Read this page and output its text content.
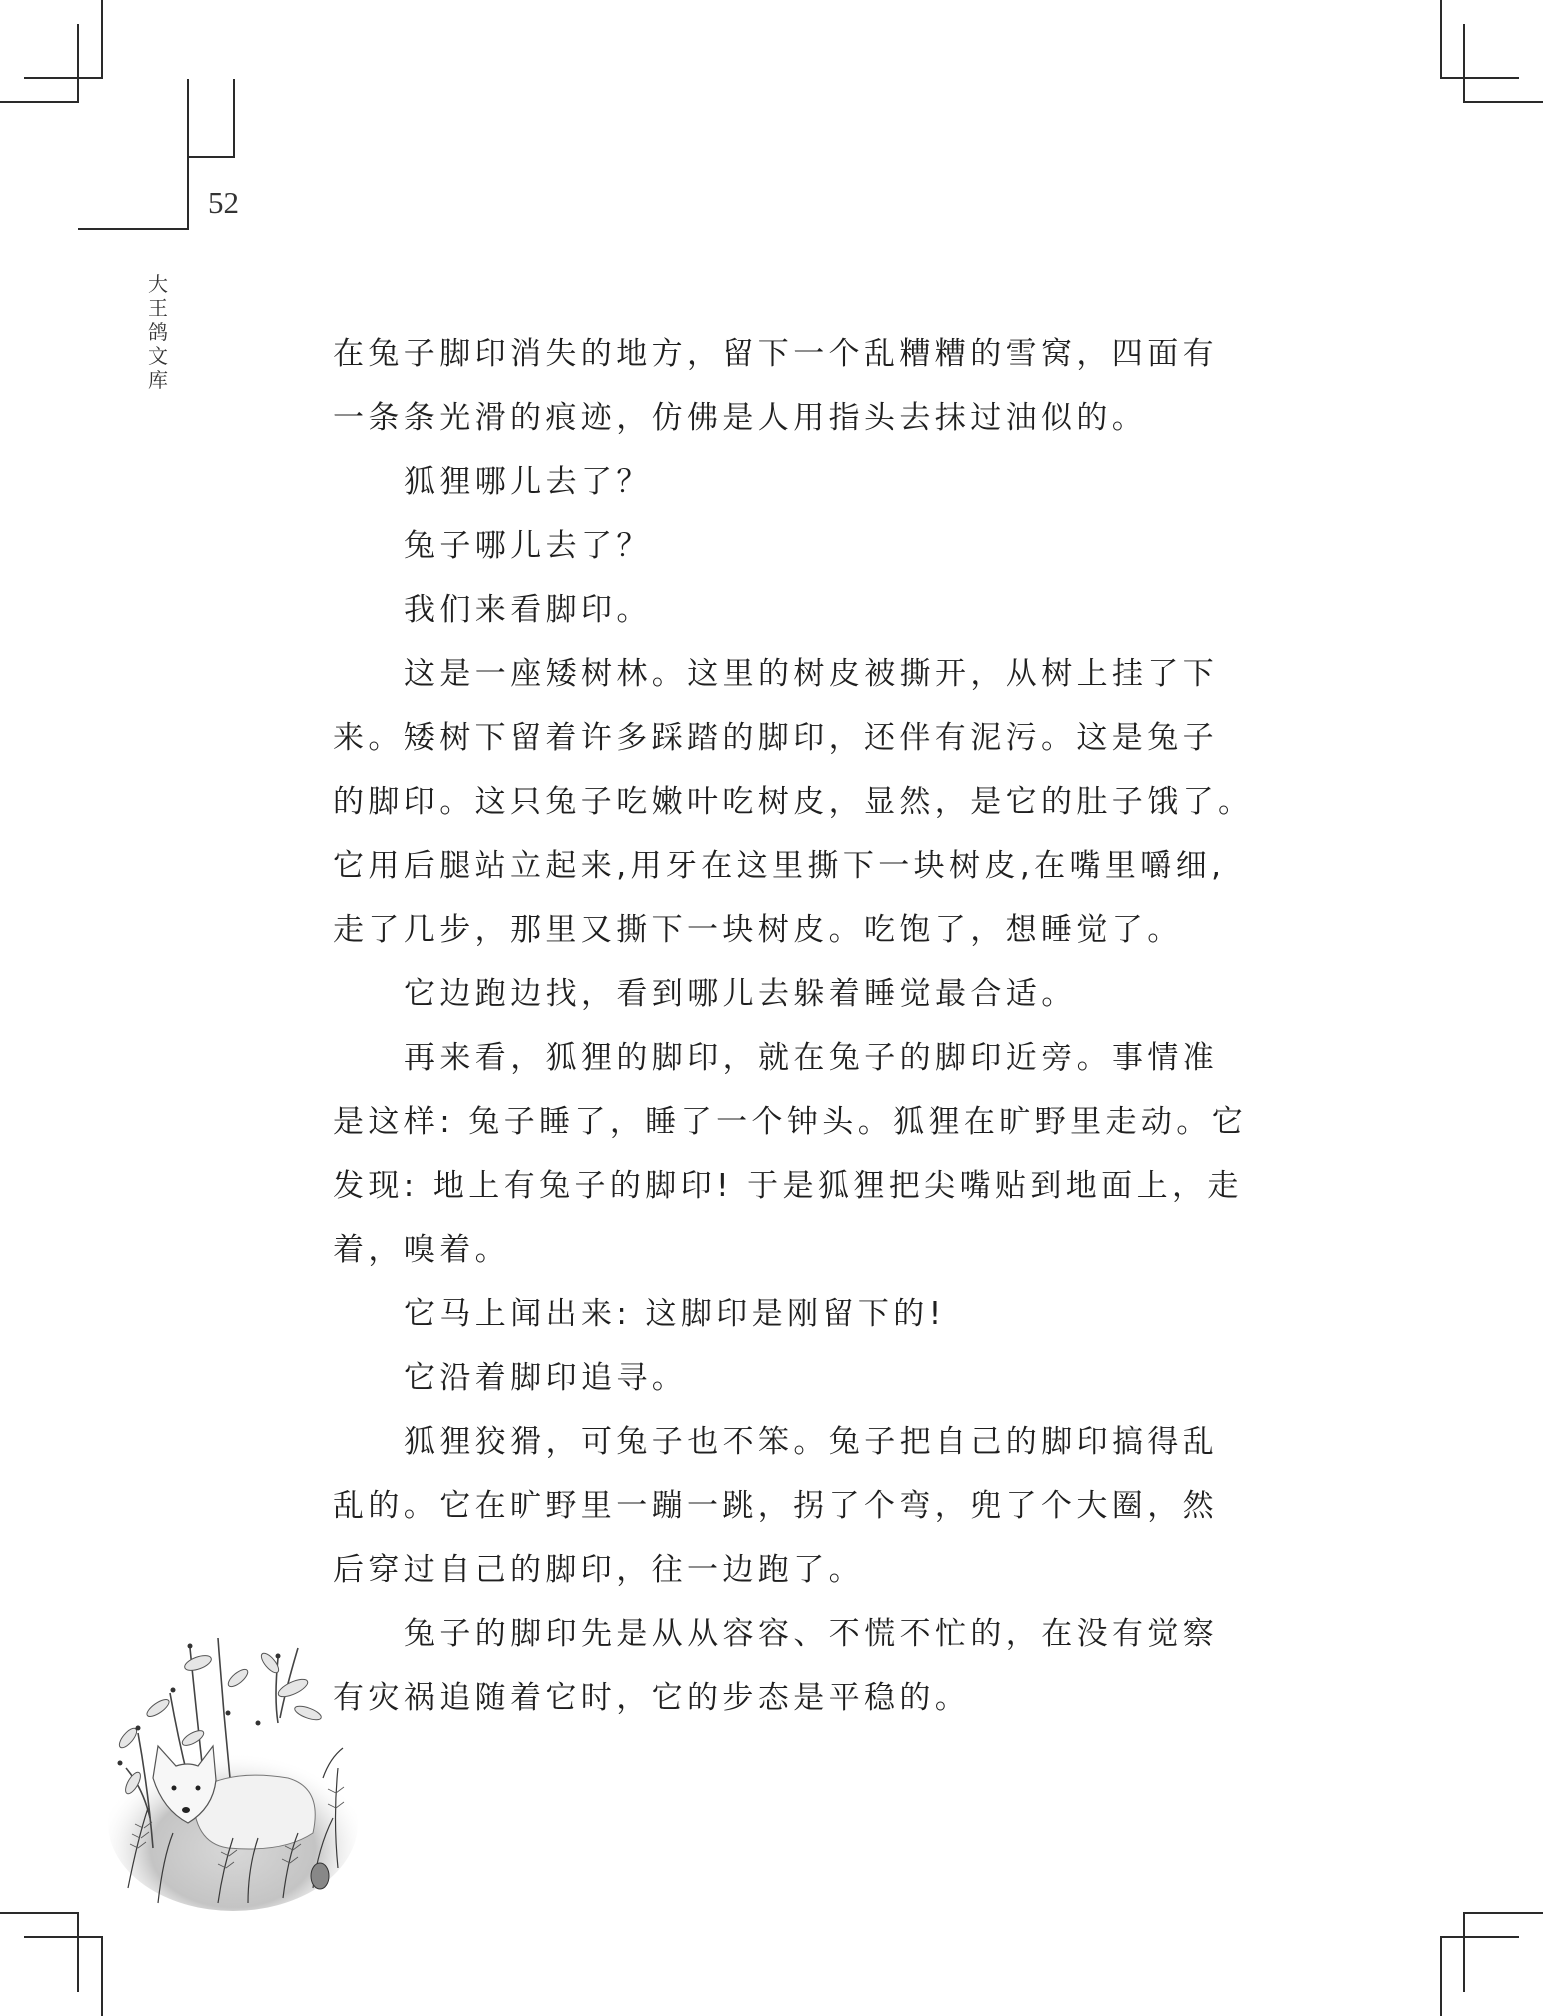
52
大
王
鸽
文
库

在兔子脚印消失的地方，留下一个乱糟糟的雪窝，四面有

一条条光滑的痕迹，仿佛是人用指头去抹过油似的。

狐狸哪儿去了？

兔子哪儿去了？

我们来看脚印。

这是一座矮树林。这里的树皮被撕开，从树上挂了下

来。矮树下留着许多踩踏的脚印，还伴有泥污。这是兔子

的脚印。这只兔子吃嫩叶吃树皮，显然，是它的肚子饿了。

它用后腿站立起来,用牙在这里撕下一块树皮,在嘴里嚼细,

走了几步，那里又撕下一块树皮。吃饱了，想睡觉了。

它边跑边找，看到哪儿去躲着睡觉最合适。

再来看，狐狸的脚印，就在兔子的脚印近旁。事情准

是这样: 兔子睡了，睡了一个钟头。狐狸在旷野里走动。它

发现: 地上有兔子的脚印! 于是狐狸把尖嘴贴到地面上，走

着，嗅着。

它马上闻出来: 这脚印是刚留下的!

它沿着脚印追寻。

狐狸狡猾，可兔子也不笨。兔子把自己的脚印搞得乱

乱的。它在旷野里一蹦一跳，拐了个弯，兜了个大圈，然

后穿过自己的脚印，往一边跑了。

兔子的脚印先是从从容容、不慌不忙的，在没有觉察

有灾祸追随着它时，它的步态是平稳的。
